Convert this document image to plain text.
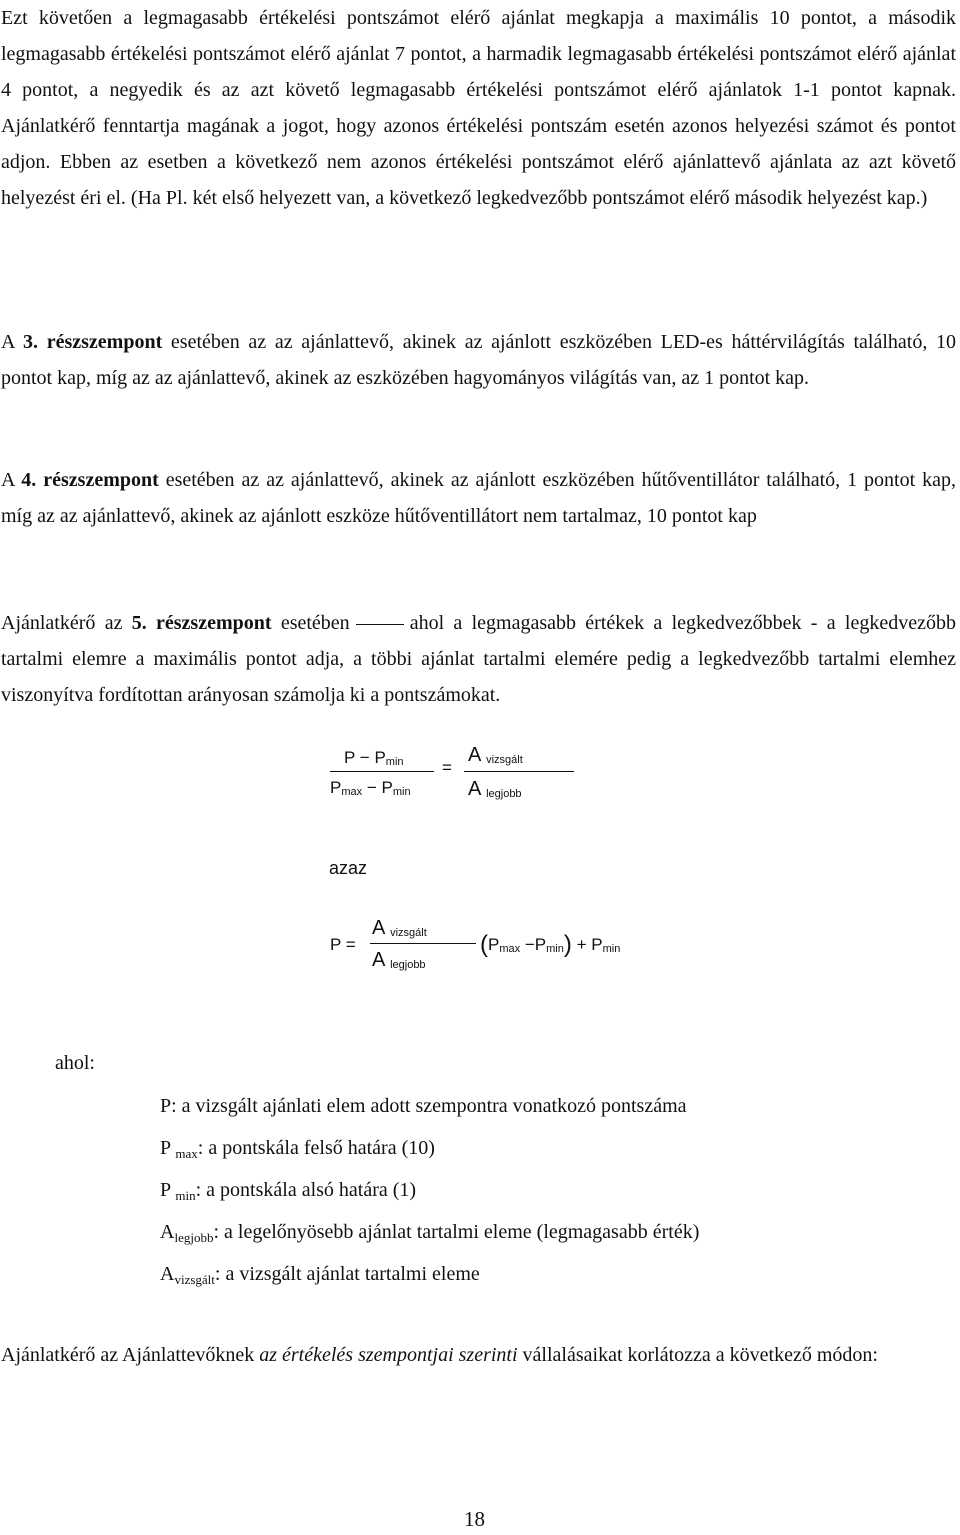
Ezt követően a legmagasabb értékelési pontszámot elérő ajánlat megkapja a maximális 10 pontot, a második legmagasabb értékelési pontszámot elérő ajánlat 7 pontot, a harmadik legmagasabb értékelési pontszámot elérő ajánlat 4 pontot, a negyedik és az azt követő legmagasabb értékelési pontszámot elérő ajánlatok 1-1 pontot kapnak. Ajánlatkérő fenntartja magának a jogot, hogy azonos értékelési pontszám esetén azonos helyezési számot és pontot adjon. Ebben az esetben a következő nem azonos értékelési pontszámot elérő ajánlattevő ajánlata az azt követő helyezést éri el. (Ha Pl. két első helyezett van, a következő legkedvezőbb pontszámot elérő második helyezést kap.)

A 3. részszempont esetében az az ajánlattevő, akinek az ajánlott eszközében LED-es háttérvilágítás található, 10 pontot kap, míg az az ajánlattevő, akinek az eszközében hagyományos világítás van, az 1 pontot kap.

A 4. részszempont esetében az az ajánlattevő, akinek az ajánlott eszközében hűtőventillátor található, 1 pontot kap, míg az az ajánlattevő, akinek az ajánlott eszköze hűtőventillátort nem tartalmaz, 10 pontot kap

Ajánlatkérő az 5. részszempont esetében	ahol a legmagasabb értékek a legkedvezőbbek - a legkedvezőbb tartalmi elemre a maximális pontot adja, a többi ajánlat tartalmi elemére pedig a legkedvezőbb tartalmi elemhez viszonyítva fordítottan arányosan számolja ki a pontszámokat.

$P - P_{min}$
$P_{max} - P_{min}$
=
A $_{vizsgált}$
A $_{legjobb}$
azaz
P =
A $_{vizsgált}$
A $_{legjobb}$
$(P_{max} -P_{min}) + P_{min}$
ahol:
P: a vizsgált ajánlati elem adott szempontra vonatkozó pontszáma
P $_{max}$: a pontskála felső határa (10)
P $_{min}$: a pontskála alsó határa (1)
$A_{legjobb}$: a legelőnyösebb ajánlat tartalmi eleme (legmagasabb érték)
$A_{vizsgált}$: a vizsgált ajánlat tartalmi eleme

Ajánlatkérő az Ajánlattevőknek az értékelés szempontjai szerinti vállalásaikat korlátozza a következő módon:

18
